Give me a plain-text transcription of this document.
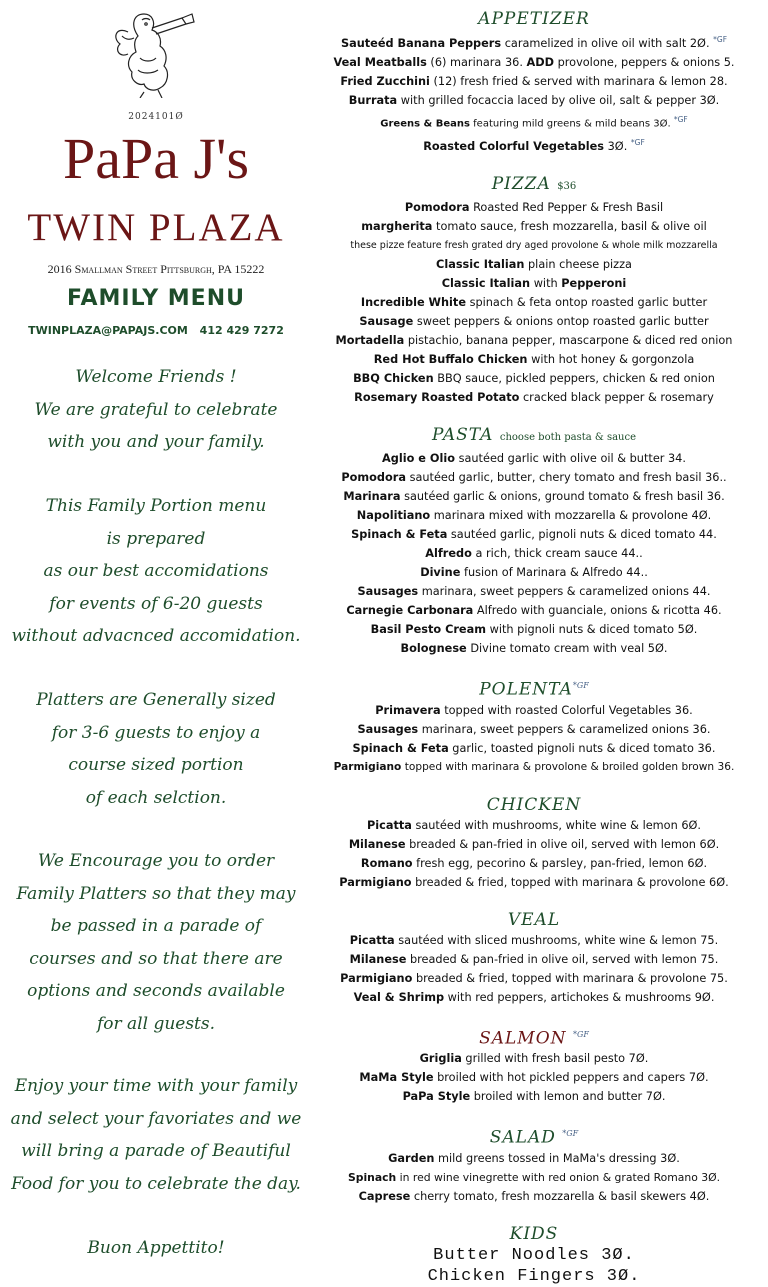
2024101Ø
PaPa J's
TWIN PLAZA
2016 Smallman Street Pittsburgh, PA 15222
FAMILY MENU
TWINPLAZA@PAPAJS.COM 412 429 7272
Welcome Friends !
We are grateful to celebrate
with you and your family.
This Family Portion menu
is prepared
as our best accomidations
for events of 6-20 guests
without advacnced accomidation.
Platters are Generally sized
for 3-6 guests to enjoy a
course sized portion
of each selction.
We Encourage you to order
Family Platters so that they may
be passed in a parade of
courses and so that there are
options and seconds available
for all guests.
Enjoy your time with your family
and select your favoriates and we
will bring a parade of Beautiful
Food for you to celebrate the day.
Buon Appettito!
APPETIZER
Sauteéd Banana Peppers caramelized in olive oil with salt 2Ø. $^{*GF}$
Veal Meatballs (6) marinara 36. ADD provolone, peppers & onions 5.
Fried Zucchini (12) fresh fried & served with marinara & lemon 28.
Burrata with grilled focaccia laced by olive oil, salt & pepper 3Ø.
Greens & Beans featuring mild greens & mild beans 3Ø. $^{*GF}$
Roasted Colorful Vegetables 3Ø. $^{*GF}$
PIZZA $36
Pomodora Roasted Red Pepper & Fresh Basil
margherita tomato sauce, fresh mozzarella, basil & olive oil
these pizze feature fresh grated dry aged provolone & whole milk mozzarella
Classic Italian plain cheese pizza
Classic Italian with Pepperoni
Incredible White spinach & feta ontop roasted garlic butter
Sausage sweet peppers & onions ontop roasted garlic butter
Mortadella pistachio, banana pepper, mascarpone & diced red onion
Red Hot Buffalo Chicken with hot honey & gorgonzola
BBQ Chicken BBQ sauce, pickled peppers, chicken & red onion
Rosemary Roasted Potato cracked black pepper & rosemary
PASTA choose both pasta & sauce
Aglio e Olio sautéed garlic with olive oil & butter 34.
Pomodora sautéed garlic, butter, chery tomato and fresh basil 36..
Marinara sautéed garlic & onions, ground tomato & fresh basil 36.
Napolitiano marinara mixed with mozzarella & provolone 4Ø.
Spinach & Feta sautéed garlic, pignoli nuts & diced tomato 44.
Alfredo a rich, thick cream sauce 44..
Divine fusion of Marinara & Alfredo 44..
Sausages marinara, sweet peppers & caramelized onions 44.
Carnegie Carbonara Alfredo with guanciale, onions & ricotta 46.
Basil Pesto Cream with pignoli nuts & diced tomato 5Ø.
Bolognese Divine tomato cream with veal 5Ø.
$POLENTA^{*GF}$
Primavera topped with roasted Colorful Vegetables 36.
Sausages marinara, sweet peppers & caramelized onions 36.
Spinach & Feta garlic, toasted pignoli nuts & diced tomato 36.
Parmigiano topped with marinara & provolone & broiled golden brown 36.
CHICKEN
Picatta sautéed with mushrooms, white wine & lemon 6Ø.
Milanese breaded & pan-fried in olive oil, served with lemon 6Ø.
Romano fresh egg, pecorino & parsley, pan-fried, lemon 6Ø.
Parmigiano breaded & fried, topped with marinara & provolone 6Ø.
VEAL
Picatta sautéed with sliced mushrooms, white wine & lemon 75.
Milanese breaded & pan-fried in olive oil, served with lemon 75.
Parmigiano breaded & fried, topped with marinara & provolone 75.
Veal & Shrimp with red peppers, artichokes & mushrooms 9Ø.
SALMON $^{*GF}$
Griglia grilled with fresh basil pesto 7Ø.
MaMa Style broiled with hot pickled peppers and capers 7Ø.
PaPa Style broiled with lemon and butter 7Ø.
SALAD $^{*GF}$
Garden mild greens tossed in MaMa's dressing 3Ø.
Spinach in red wine vinegrette with red onion & grated Romano 3Ø.
Caprese cherry tomato, fresh mozzarella & basil skewers 4Ø.
KIDS
Butter Noodles 3Ø.
Chicken Fingers 3Ø.
